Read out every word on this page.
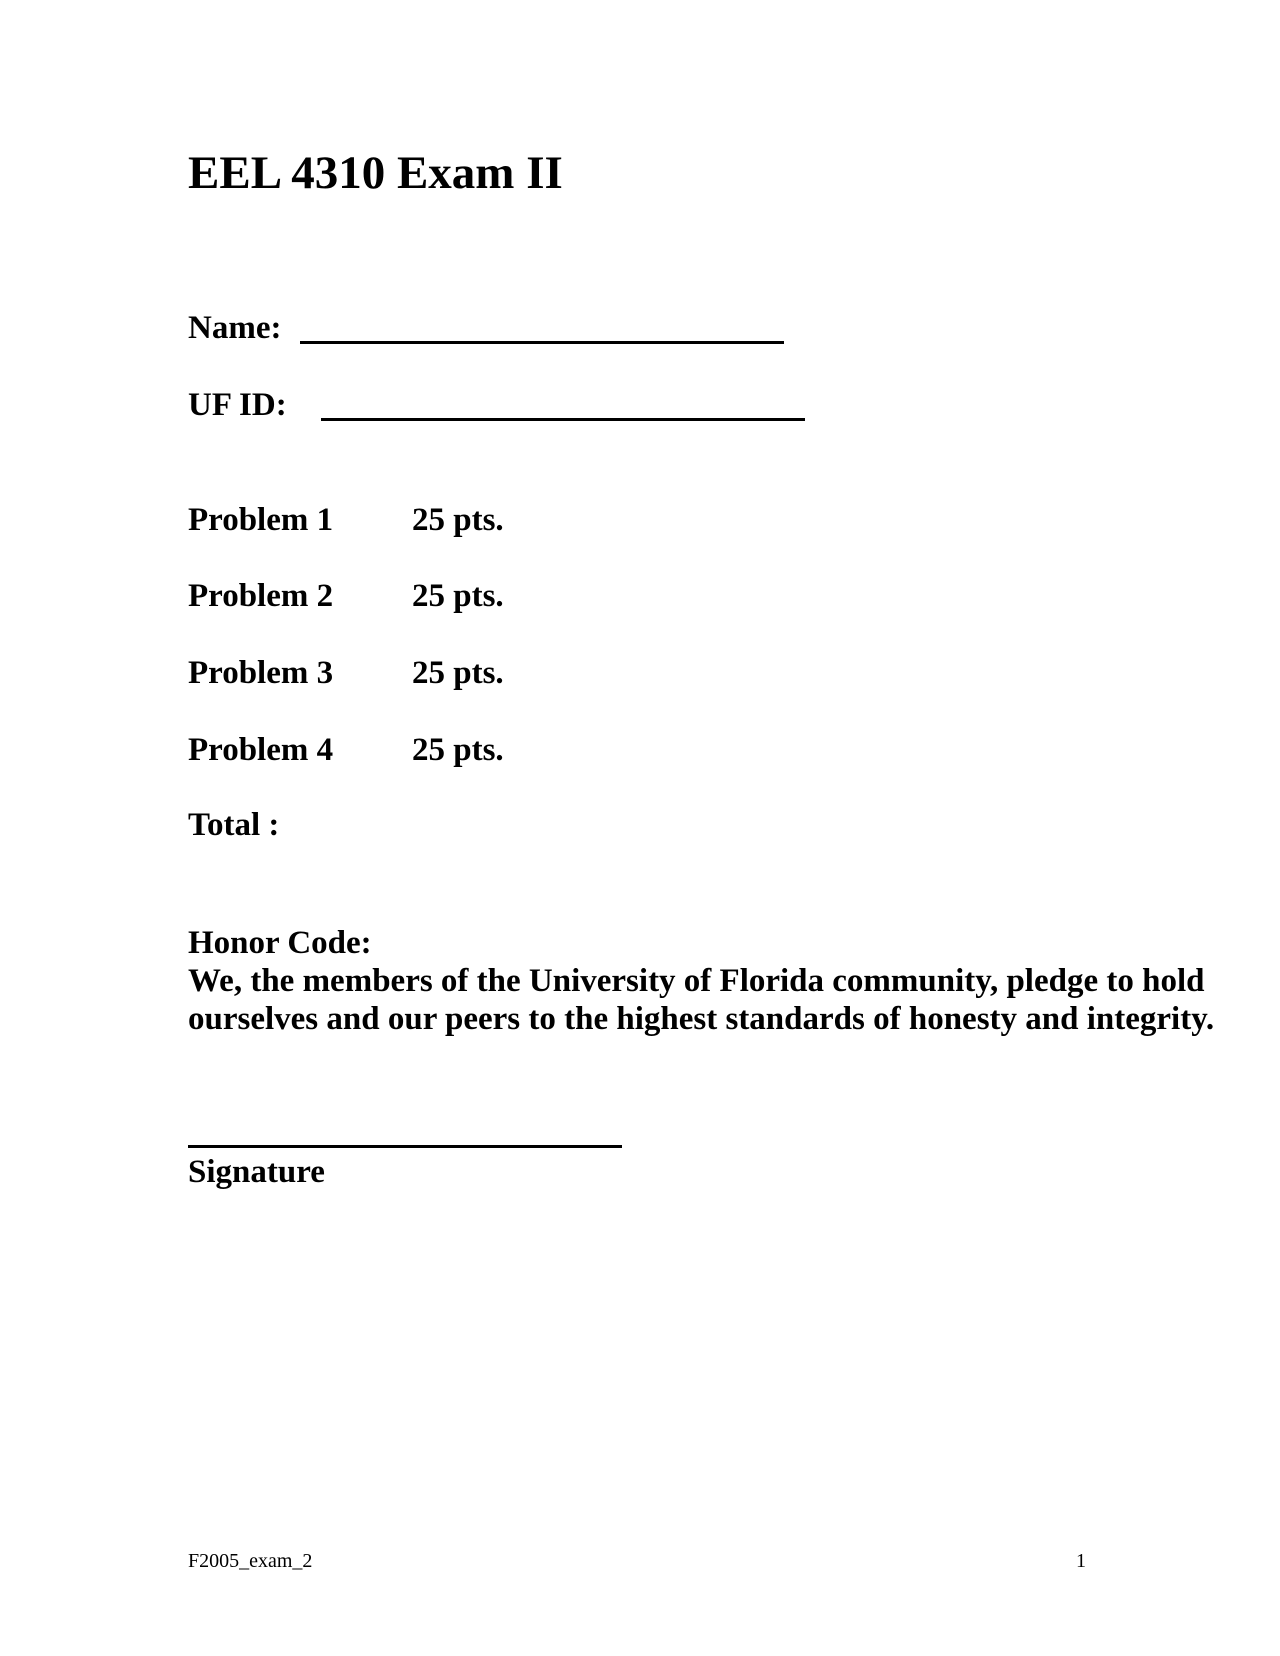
EEL 4310 Exam II
Name:
UF ID:
Problem 1 25 pts.
Problem 2 25 pts.
Problem 3 25 pts.
Problem 4 25 pts.
Total :
Honor Code:
We, the members of the University of Florida community, pledge to hold ourselves and our peers to the highest standards of honesty and integrity.
Signature
F2005_exam_2	1
